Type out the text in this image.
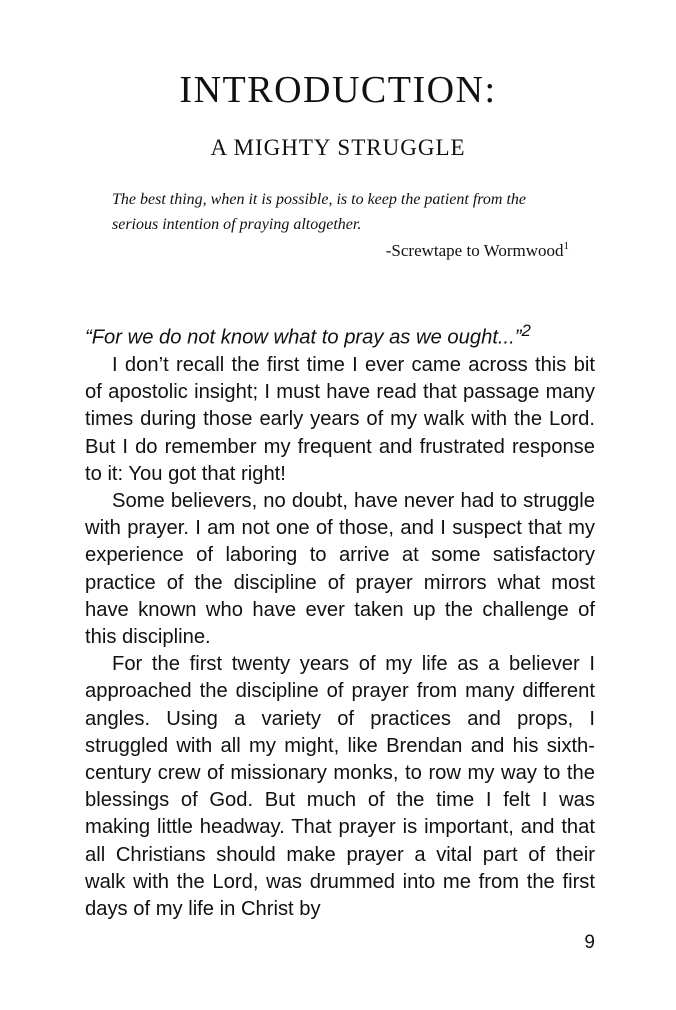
INTRODUCTION:
A MIGHTY STRUGGLE

The best thing, when it is possible, is to keep the patient from the serious intention of praying altogether.

-Screwtape to Wormwood$^1$

“For we do not know what to pray as we ought...”$^2$

I don’t recall the first time I ever came across this bit of apostolic insight; I must have read that passage many times during those early years of my walk with the Lord. But I do remember my frequent and frustrated response to it: You got that right!

Some believers, no doubt, have never had to struggle with prayer. I am not one of those, and I suspect that my experience of laboring to arrive at some satisfactory practice of the discipline of prayer mirrors what most have known who have ever taken up the challenge of this discipline.

For the first twenty years of my life as a believer I approached the discipline of prayer from many different angles. Using a variety of practices and props, I struggled with all my might, like Brendan and his sixth-century crew of missionary monks, to row my way to the blessings of God. But much of the time I felt I was making little headway. That prayer is important, and that all Christians should make prayer a vital part of their walk with the Lord, was drummed into me from the first days of my life in Christ by

9
